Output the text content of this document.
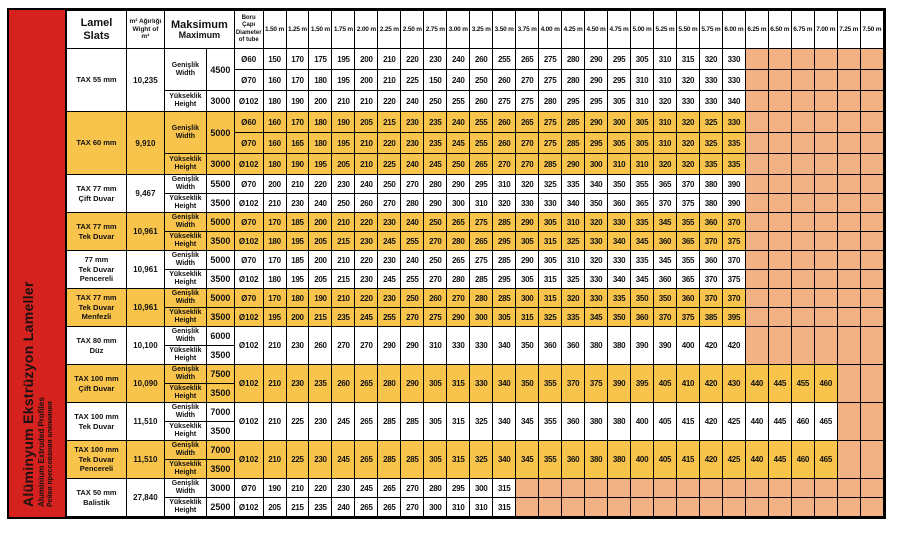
Alüminyum Ekstrüzyon Lameller Aluminium Extruded Profiles Рейки прессования алюминия
Lamel
Slats

m² Ağırlığı
Wight of m²

Maksimum
Maximum

Boru Çapı
Diameter
of tube
	1.50 m	1.25 m	1.50 m	1.75 m	2.00 m	2.25 m	2.50 m	2.75 m	3.00 m	3.25 m	3.50 m	3.75 m	4.00 m	4.25 m	4.50 m	4.75 m	5.00 m	5.25 m	5.50 m	5.75 m	6.00 m	6.25 m	6.50 m	6.75 m	7.00 m	7.25 m	7.50 m

TAX 55 mm	10,235	Genişlik
Width	4500	Ø60	150	170	175	195	200	210	220	230	240	260	255	265	275	280	290	295	305	310	315	320	330						
				Ø70	160	170	180	195	200	210	225	150	240	250	260	270	275	280	290	295	310	310	320	330	330						

		Yükseklik
Height	3000	Ø102	180	190	200	210	210	220	240	250	255	260	275	275	280	295	295	305	310	320	330	330	340						

TAX 60 mm	9,910	Genişlik
Width	5000	Ø60	160	170	180	190	205	215	230	235	240	255	260	265	275	285	290	300	305	310	320	325	330						
				Ø70	160	165	180	195	210	220	230	235	245	255	260	270	275	285	295	305	305	310	320	325	335						

		Yükseklik
Height	3000	Ø102	180	190	195	205	210	225	240	245	250	265	270	270	285	290	300	310	310	320	320	335	335						

TAX 77 mm
Çift Duvar	9,467	
Genişlik
Width	5500	Ø70	200	210	220	230	240	250	270	280	290	295	310	320	325	335	340	350	355	365	370	380	390						

		Yükseklik
Height	3500	Ø102	210	230	240	250	260	270	280	290	300	310	320	330	330	340	350	360	365	370	375	380	390						

TAX 77 mm
Tek Duvar	10,961	
Genişlik
Width	5000	Ø70	170	185	200	210	220	230	240	250	265	275	285	290	305	310	320	330	335	345	355	360	370						

		Yükseklik
Height	3500	Ø102	180	195	205	215	230	245	255	270	280	265	295	305	315	325	330	340	345	360	365	370	375						

77 mm
Tek Duvar
Pencereli
	10,961	
Genişlik
Width	5000	Ø70	170	185	200	210	220	230	240	250	265	275	285	290	305	310	320	330	335	345	355	360	370						

		Yükseklik
Height	3500	Ø102	180	195	205	215	230	245	255	270	280	285	295	305	315	325	330	340	345	360	365	370	375						

TAX 77 mm
Tek Duvar
Menfezli
	10,961	
Genişlik
Width	5000	Ø70	170	180	190	210	220	230	250	260	270	280	285	300	315	320	330	335	350	350	360	370	370						

		Yükseklik
Height	3500	Ø102	195	200	215	235	245	255	270	275	290	300	305	315	325	335	345	350	360	370	375	385	395						

TAX 80 mm
Düz	10,100	
Genişlik
Width	6000	Ø102	210	230	260	270	270	290	290	310	330	330	340	350	360	360	380	380	390	390	400	420	420						

		Yükseklik
Height	3500																												

TAX 100 mm
Çift Duvar	10,090	
Genişlik
Width	7500	Ø102	210	230	235	260	265	280	290	305	315	330	340	350	355	370	375	390	395	405	410	420	430	440	445	455	460		

		Yükseklik
Height	3500																												

TAX 100 mm
Tek Duvar	11,510	
Genişlik
Width	7000	Ø102	210	225	230	245	265	285	285	305	315	325	340	345	355	360	380	380	400	405	415	420	425	440	445	460	465		

		Yükseklik
Height	3500																												

TAX 100 mm
Tek Duvar
Pencereli
	11,510	
Genişlik
Width	7000	Ø102	210	225	230	245	265	285	285	305	315	325	340	345	355	360	380	380	400	405	415	420	425	440	445	460	465		

		Yükseklik
Height	3500																												

TAX 50 mm
Balistik	27,840	
Genişlik
Width	3000	Ø70	190	210	220	230	245	265	270	280	295	300	315																

		Yükseklik
Height	2500	Ø102	205	215	235	240	265	265	270	300	310	310	315																
